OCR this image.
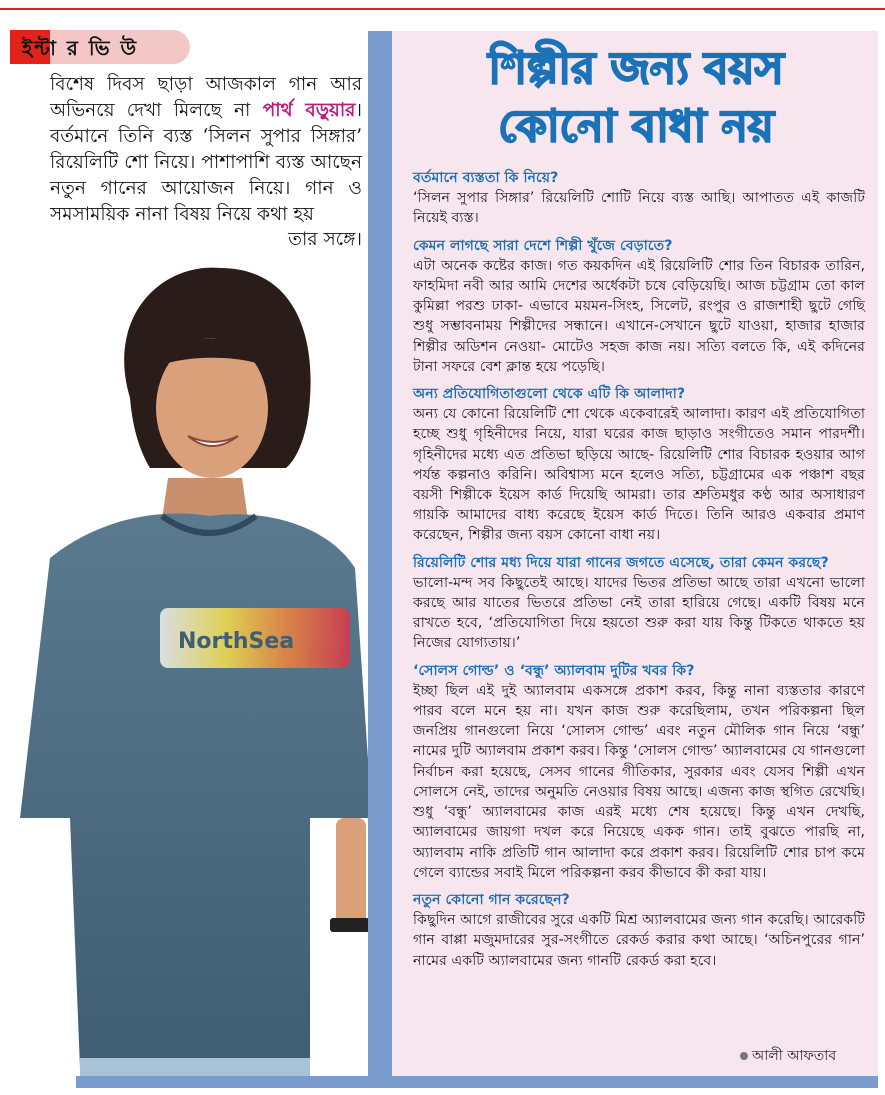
ইন্টা র ভি উ
বিশেষ দিবস ছাড়া আজকাল গান আর অভিনয়ে দেখা মিলছে না পার্থ বড়ুয়ার। বর্তমানে তিনি ব্যস্ত ‘সিলন সুপার সিঙ্গার’ রিয়েলিটি শো নিয়ে। পাশাপাশি ব্যস্ত আছেন নতুন গানের আয়োজন নিয়ে। গান ও সমসাময়িক নানা বিষয় নিয়ে কথা হয়
তার সঙ্গে।
NorthSea
শিল্পীর জন্য বয়স
কোনো বাধা নয়

বর্তমানে ব্যস্ততা কি নিয়ে?

‘সিলন সুপার সিঙ্গার’ রিয়েলিটি শোটি নিয়ে ব্যস্ত আছি। আপাতত এই কাজটি নিয়েই ব্যস্ত।

কেমন লাগছে সারা দেশে শিল্পী খুঁজে বেড়াতে?

এটা অনেক কষ্টের কাজ। গত কয়কদিন এই রিয়েলিটি শোর তিন বিচারক তারিন, ফাহমিদা নবী আর আমি দেশের অর্ধেকটা চষে বেড়িয়েছি। আজ চট্টগ্রাম তো কাল কুমিল্লা পরশু ঢাকা- এভাবে ময়মন-সিংহ, সিলেট, রংপুর ও রাজশাহী ছুটে গেছি শুধু সম্ভাবনাময় শিল্পীদের সন্ধানে। এখানে-সেখানে ছুটে যাওয়া, হাজার হাজার শিল্পীর অডিশন নেওয়া- মোটেও সহজ কাজ নয়। সত্যি বলতে কি, এই কদিনের টানা সফরে বেশ ক্লান্ত হয়ে পড়েছি।

অন্য প্রতিযোগিতাগুলো থেকে এটি কি আলাদা?

অন্য যে কোনো রিয়েলিটি শো থেকে একেবারেই আলাদা। কারণ এই প্রতিযোগিতা হচ্ছে শুধু গৃহিনীদের নিয়ে, যারা ঘরের কাজ ছাড়াও সংগীতেও সমান পারদর্শী। গৃহিনীদের মধ্যে এত প্রতিভা ছড়িয়ে আছে- রিয়েলিটি শোর বিচারক হওয়ার আগ পর্যন্ত কল্পনাও করিনি। অবিশ্বাস্য মনে হলেও সত্যি, চট্টগ্রামের এক পঞ্চাশ বছর বয়সী শিল্পীকে ইয়েস কার্ড দিয়েছি আমরা। তার শ্রুতিমধুর কণ্ঠ আর অসাধারণ গায়কি আমাদের বাধ্য করেছে ইয়েস কার্ড দিতে। তিনি আরও একবার প্রমাণ করেছেন, শিল্পীর জন্য বয়স কোনো বাধা নয়।

রিয়েলিটি শোর মধ্য দিয়ে যারা গানের জগতে এসেছে, তারা কেমন করছে?

ভালো-মন্দ সব কিছুতেই আছে। যাদের ভিতর প্রতিভা আছে তারা এখনো ভালো করছে আর যাতের ভিতরে প্রতিভা নেই তারা হারিয়ে গেছে। একটি বিষয় মনে রাখতে হবে, ‘প্রতিযোগিতা দিয়ে হয়তো শুরু করা যায় কিন্তু টিকতে থাকতে হয় নিজের যোগ্যতায়।’

‘সোলস গোল্ড’ ও ‘বন্ধু’ অ্যালবাম দুটির খবর কি?

ইচ্ছা ছিল এই দুই অ্যালবাম একসঙ্গে প্রকাশ করব, কিন্তু নানা ব্যস্ততার কারণে পারব বলে মনে হয় না। যখন কাজ শুরু করেছিলাম, তখন পরিকল্পনা ছিল জনপ্রিয় গানগুলো নিয়ে ‘সোলস গোল্ড’ এবং নতুন মৌলিক গান নিয়ে ‘বন্ধু’ নামের দুটি অ্যালবাম প্রকাশ করব। কিন্তু ‘সোলস গোল্ড’ অ্যালবামের যে গানগুলো নির্বাচন করা হয়েছে, সেসব গানের গীতিকার, সুরকার এবং যেসব শিল্পী এখন সোলসে নেই, তাদের অনুমতি নেওয়ার বিষয় আছে। এজন্য কাজ স্থগিত রেখেছি। শুধু ‘বন্ধু’ অ্যালবামের কাজ এরই মধ্যে শেষ হয়েছে। কিন্তু এখন দেখছি, অ্যালবামের জায়গা দখল করে নিয়েছে একক গান। তাই বুঝতে পারছি না, অ্যালবাম নাকি প্রতিটি গান আলাদা করে প্রকাশ করব। রিয়েলিটি শোর চাপ কমে গেলে ব্যান্ডের সবাই মিলে পরিকল্পনা করব কীভাবে কী করা যায়।

নতুন কোনো গান করেছেন?

কিছুদিন আগে রাজীবের সুরে একটি মিশ্র অ্যালবামের জন্য গান করেছি। আরেকটি গান বাপ্পা মজুমদারের সুর-সংগীতে রেকর্ড করার কথা আছে। ‘অচিনপুরের গান’ নামের একটি অ্যালবামের জন্য গানটি রেকর্ড করা হবে।

আলী আফতাব
